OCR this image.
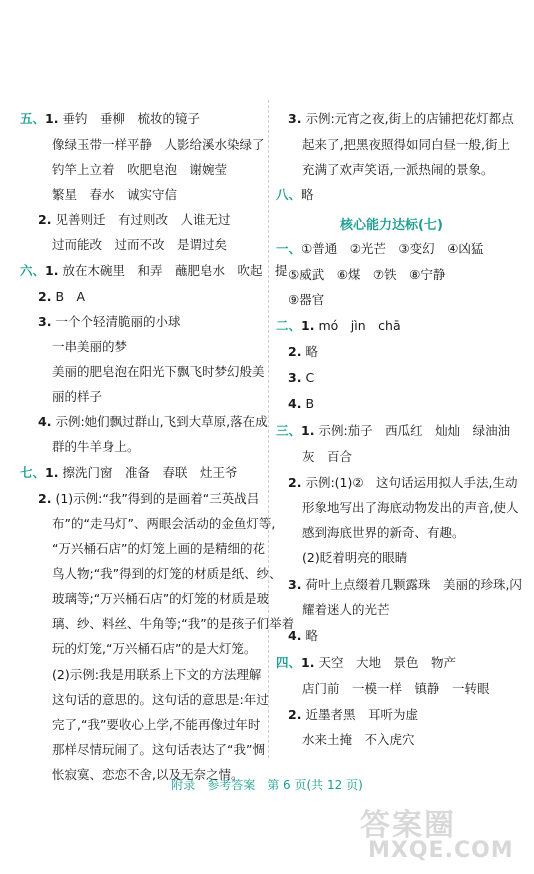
五、1. 垂钓　垂柳　梳妆的镜子
像绿玉带一样平静　人影给溪水染绿了
钓竿上立着　吹肥皂泡　谢婉莹
繁星　春水　诚实守信
2. 见善则迁　有过则改　人谁无过
过而能改　过而不改　是谓过矣
六、1. 放在木碗里　和弄　蘸肥皂水　吹起　提
2. B　A
3. 一个个轻清脆丽的小球
一串美丽的梦
美丽的肥皂泡在阳光下飘飞时梦幻般美
丽的样子
4. 示例:她们飘过群山,飞到大草原,落在成
群的牛羊身上。
七、1. 擦洗门窗　准备　春联　灶王爷
2. (1)示例:“我”得到的是画着“三英战吕
布”的“走马灯”、两眼会活动的金鱼灯等,
“万兴桶石店”的灯笼上画的是精细的花
鸟人物;“我”得到的灯笼的材质是纸、纱、
玻璃等;“万兴桶石店”的灯笼的材质是玻
璃、纱、料丝、牛角等;“我”的是孩子们举着
玩的灯笼,“万兴桶石店”的是大灯笼。
(2)示例:我是用联系上下文的方法理解
这句话的意思的。这句话的意思是:年过
完了,“我”要收心上学,不能再像过年时
那样尽情玩闹了。这句话表达了“我”惆
怅寂寞、恋恋不舍,以及无奈之情。
3. 示例:元宵之夜,街上的店铺把花灯都点
起来了,把黑夜照得如同白昼一般,街上
充满了欢声笑语,一派热闹的景象。
八、略
核心能力达标(七)
一、①普通　②光芒　③变幻　④凶猛
⑤威武　⑥煤　⑦铁　⑧宁静
⑨器官
二、1. mó　jìn　chā
2. 略
3. C
4. B
三、1. 示例:茄子　西瓜红　灿灿　绿油油
灰　百合
2. 示例:(1)②　这句话运用拟人手法,生动
形象地写出了海底动物发出的声音,使人
感到海底世界的新奇、有趣。
(2)眨着明亮的眼睛
3. 荷叶上点缀着几颗露珠　美丽的珍珠,闪
耀着迷人的光芒
4. 略
四、1. 天空　大地　景色　物产
店门前　一模一样　镇静　一转眼
2. 近墨者黑　耳听为虚
水来土掩　不入虎穴
附录　参考答案　第 6 页(共 12 页)
答案圈
MXQE.COM
